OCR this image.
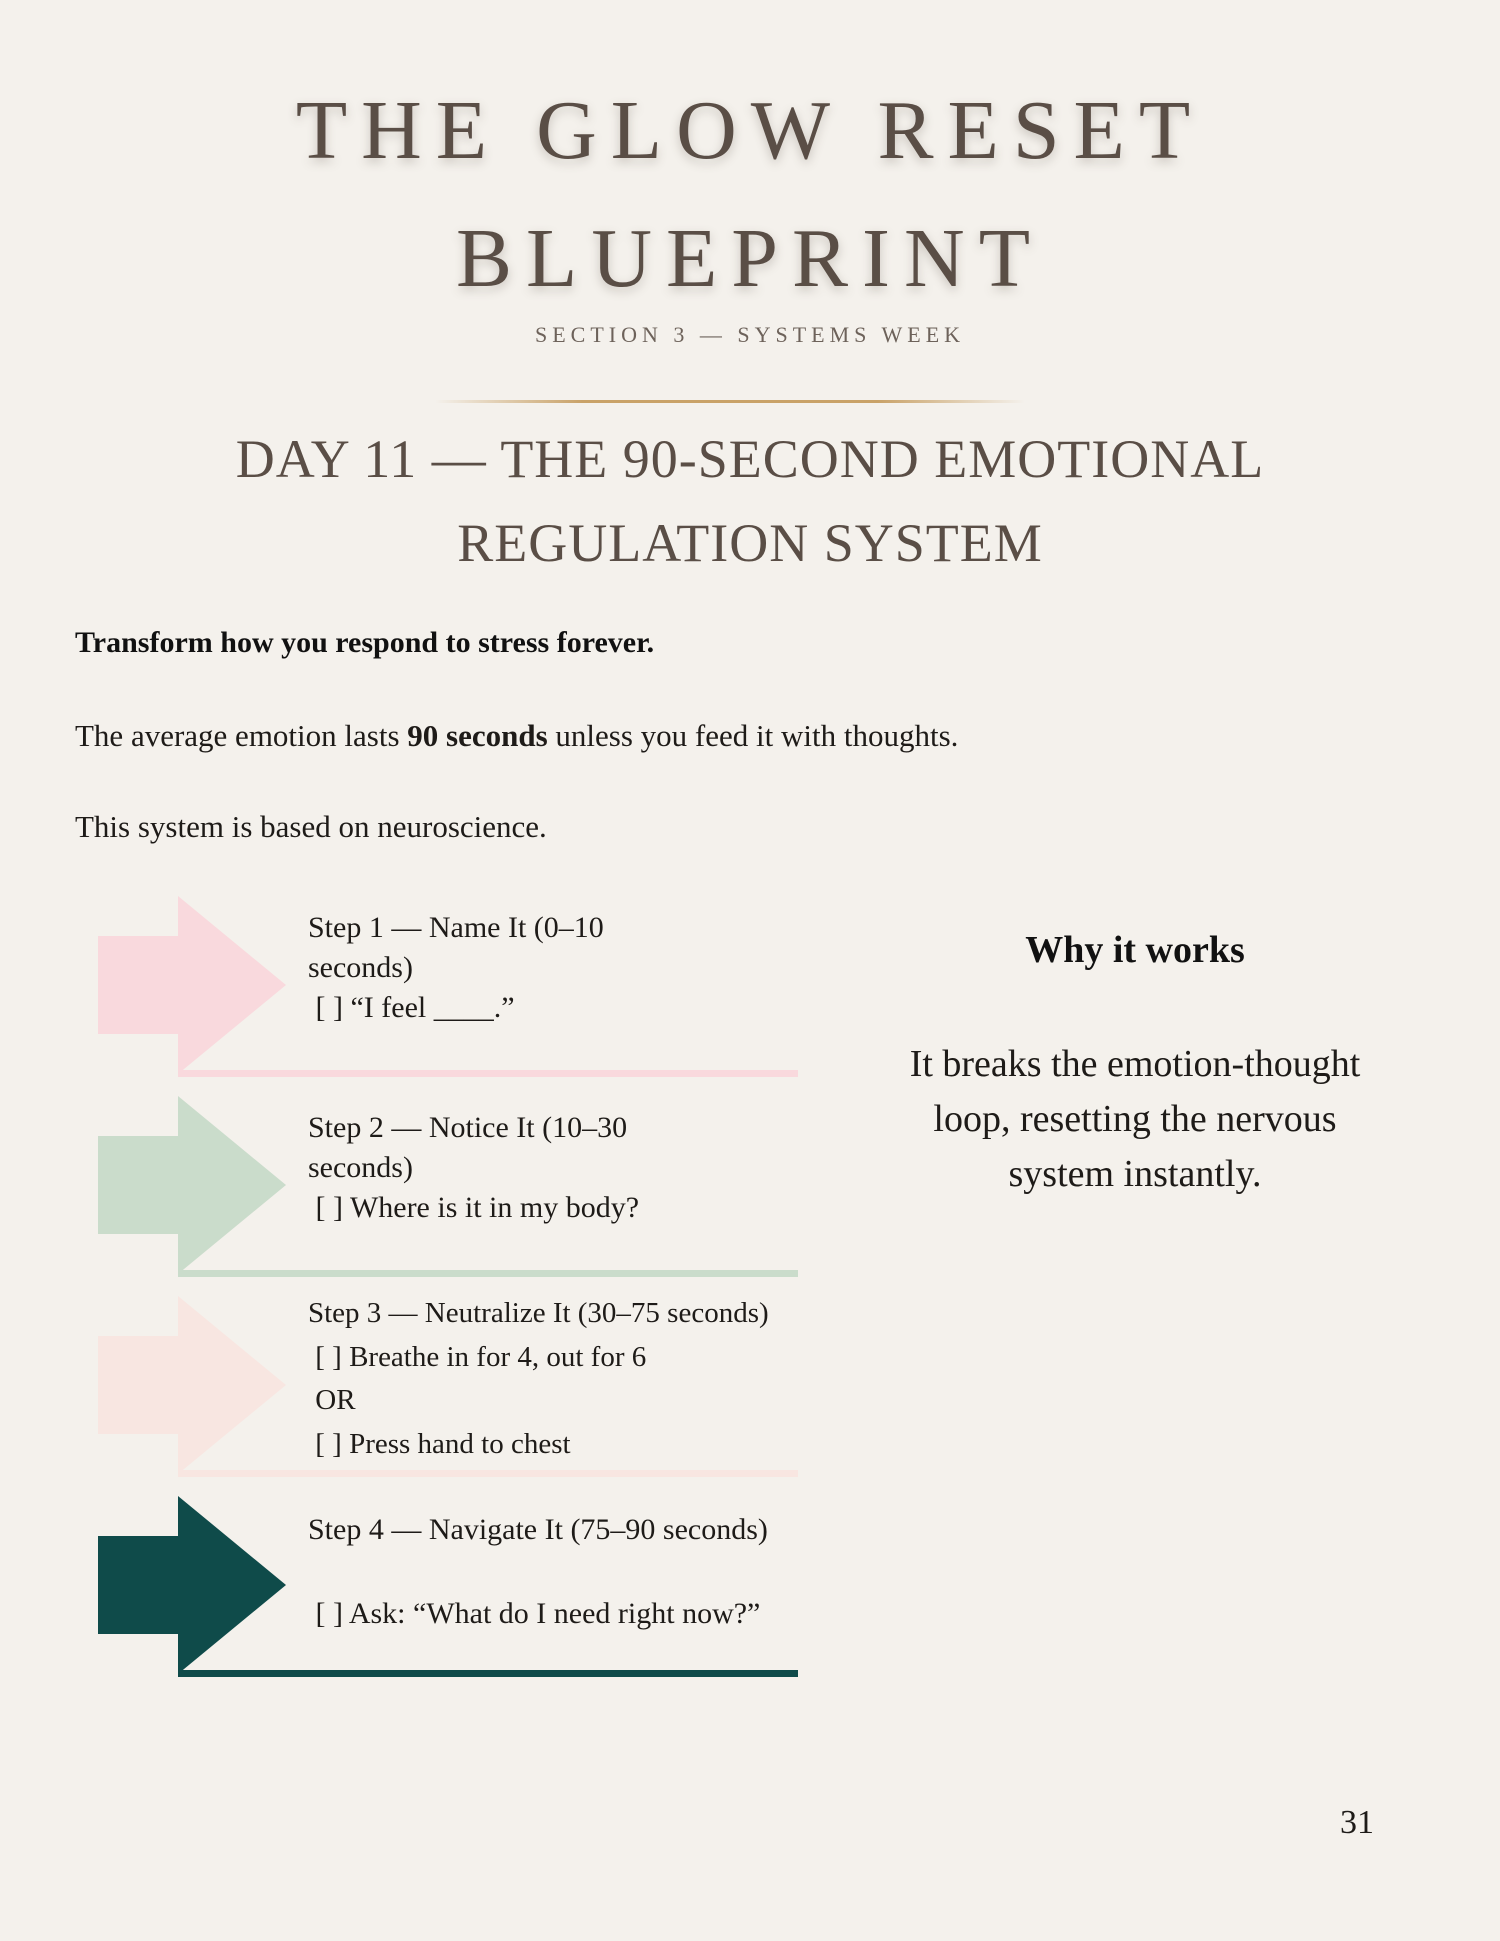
THE GLOW RESET
BLUEPRINT
SECTION 3 — SYSTEMS WEEK
DAY 11 — THE 90-SECOND EMOTIONAL
REGULATION SYSTEM
Transform how you respond to stress forever.
The average emotion lasts 90 seconds unless you feed it with thoughts.
This system is based on neuroscience.
Step 1 — Name It (0–10
seconds)
[ ] “I feel ____.”
Step 2 — Notice It (10–30
seconds)
[ ] Where is it in my body?
Step 3 — Neutralize It (30–75 seconds)
[ ] Breathe in for 4, out for 6
OR
[ ] Press hand to chest
Step 4 — Navigate It (75–90 seconds)
[ ] Ask: “What do I need right now?”
Why it works
It breaks the emotion-thought loop, resetting the nervous system instantly.
31
